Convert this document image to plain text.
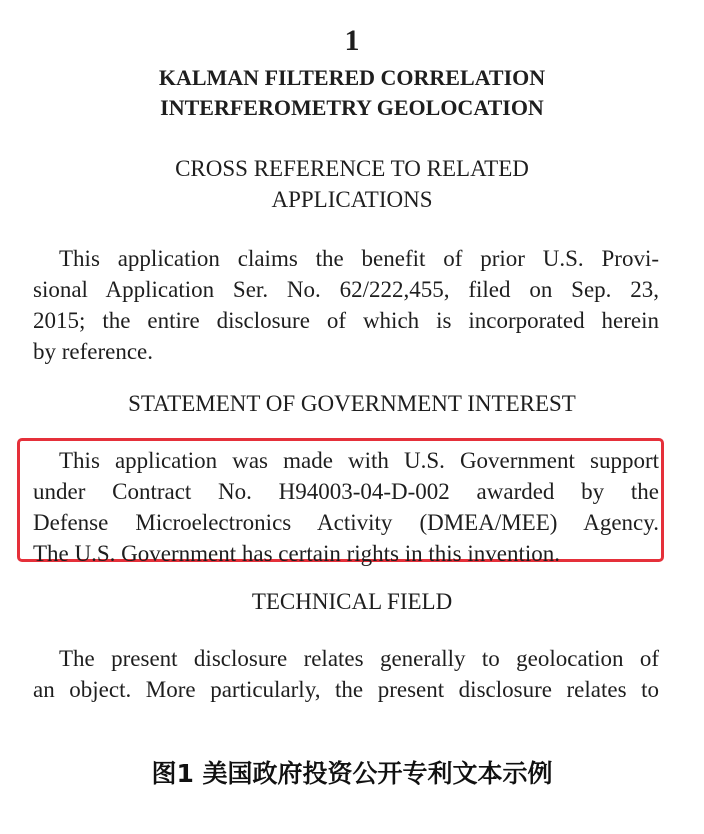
1
KALMAN FILTERED CORRELATION
INTERFEROMETRY GEOLOCATION
CROSS REFERENCE TO RELATED
APPLICATIONS
This application claims the benefit of prior U.S. Provi-
sional Application Ser. No. 62/222,455, filed on Sep. 23,
2015; the entire disclosure of which is incorporated herein
by reference.
STATEMENT OF GOVERNMENT INTEREST
This application was made with U.S. Government support
under Contract No. H94003-04-D-002 awarded by the
Defense Microelectronics Activity (DMEA/MEE) Agency.
The U.S. Government has certain rights in this invention.
TECHNICAL FIELD
The present disclosure relates generally to geolocation of
an object. More particularly, the present disclosure relates to
图1 美国政府投资公开专利文本示例
